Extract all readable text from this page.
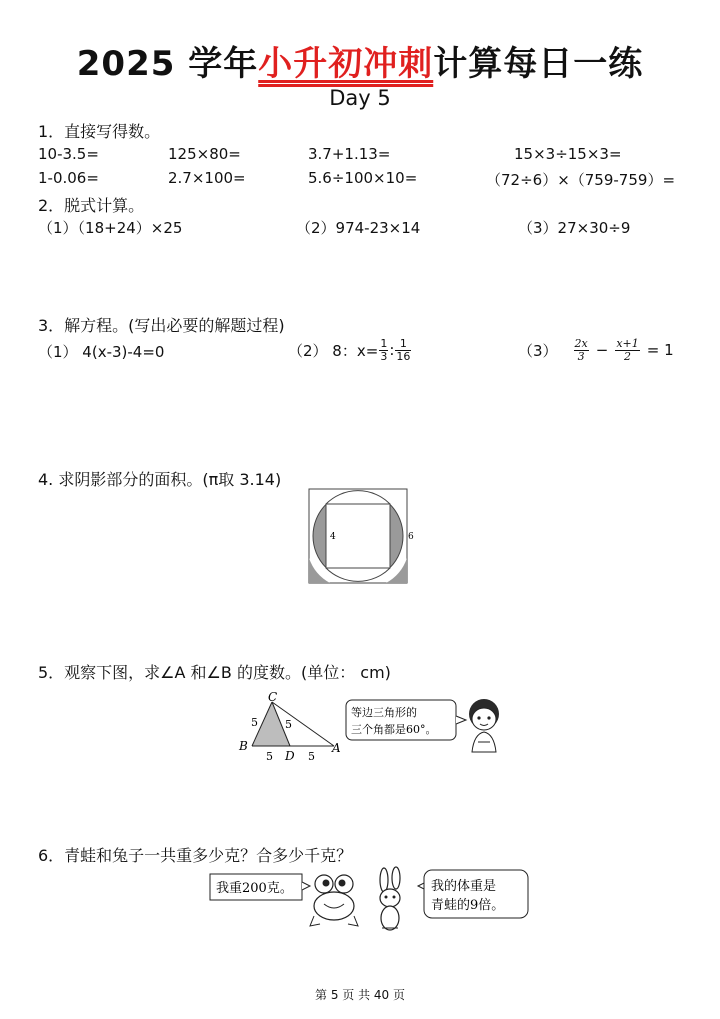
2025 学年小升初冲刺计算每日一练
Day 5
1．直接写得数。
10-3.5=	125×80=	3.7+1.13=	15×3÷15×3=
1-0.06=	2.7×100=	5.6÷100×10=	（72÷6）×（759-759）=
2．脱式计算。
（1）（18+24）×25	（2）974-23×14	（3）27×30÷9
3．解方程。(写出必要的解题过程)
（1） 4(x-3)-4=0	（2） 8：$x= \frac{1}{3}$ : $\frac{1}{16}$	$(3) \frac{2x}{3} - \frac{x+1}{2} = 1$
4. 求阴影部分的面积。(π取 3.14)
4	6
5．观察下图，求∠A 和∠B 的度数。(单位： cm)
C
B
D
A
5 5
5	5
等边三角形的
三个角都是60°。
6．青蛙和兔子一共重多少克？合多少千克？
我重200克。	我的体重是
青蛙的9倍。
第 5 页 共 40 页
